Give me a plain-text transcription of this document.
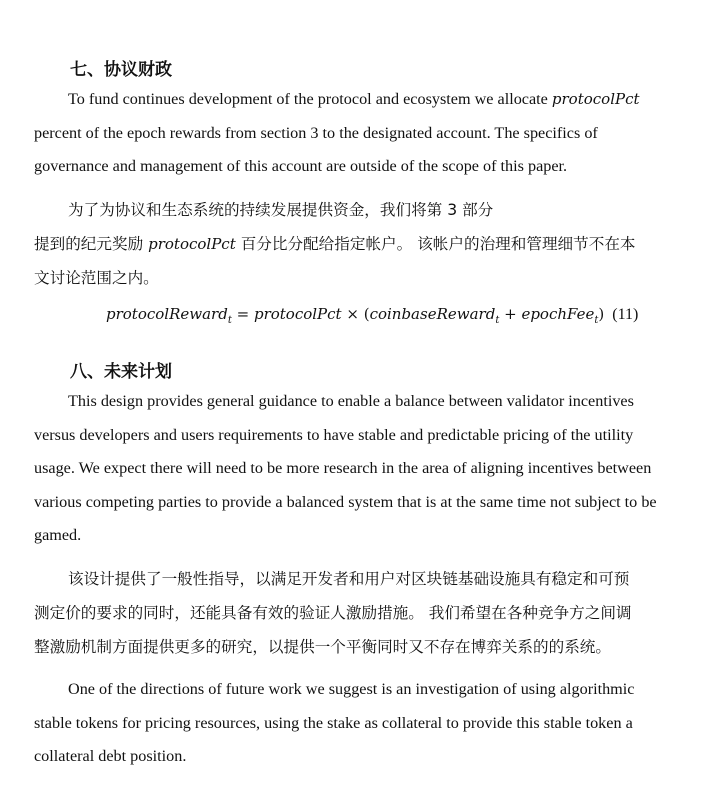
七、协议财政
To fund continues development of the protocol and ecosystem we allocate protocolPct
percent of the epoch rewards from section 3 to the designated account. The specifics of
governance and management of this account are outside of the scope of this paper.
为了为协议和生态系统的持续发展提供资金，我们将第 3 部分
提到的纪元奖励 protocolPct 百分比分配给指定帐户。 该帐户的治理和管理细节不在本
文讨论范围之内。
protocolReward$_t$ = protocolPct × (coinbaseReward$_t$ + epochFee$_t$) (11)
八、未来计划
This design provides general guidance to enable a balance between validator incentives
versus developers and users requirements to have stable and predictable pricing of the utility
usage. We expect there will need to be more research in the area of aligning incentives between
various competing parties to provide a balanced system that is at the same time not subject to be
gamed.
该设计提供了一般性指导，以满足开发者和用户对区块链基础设施具有稳定和可预
测定价的要求的同时，还能具备有效的验证人激励措施。 我们希望在各种竞争方之间调
整激励机制方面提供更多的研究，以提供一个平衡同时又不存在博弈关系的的系统。
One of the directions of future work we suggest is an investigation of using algorithmic
stable tokens for pricing resources, using the stake as collateral to provide this stable token a
collateral debt position.
